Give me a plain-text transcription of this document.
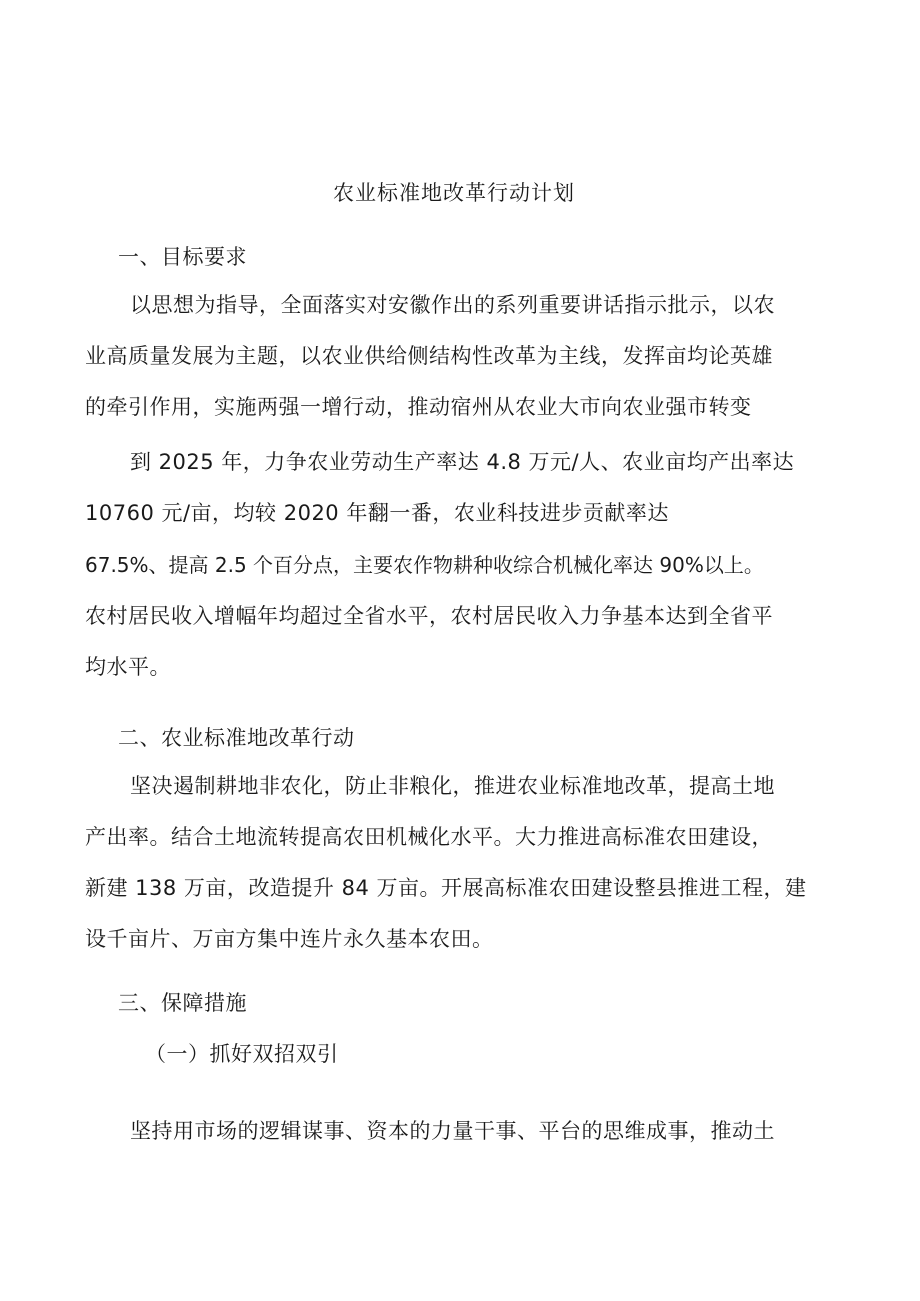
农业标准地改革行动计划
一、目标要求
以思想为指导，全面落实对安徽作出的系列重要讲话指示批示，以农
业高质量发展为主题，以农业供给侧结构性改革为主线，发挥亩均论英雄
的牵引作用，实施两强一增行动，推动宿州从农业大市向农业强市转变
到 2025 年，力争农业劳动生产率达 4.8 万元/人、农业亩均产出率达
10760 元/亩，均较 2020 年翻一番，农业科技进步贡献率达
67.5%、提高 2.5 个百分点，主要农作物耕种收综合机械化率达 90%以上。
农村居民收入增幅年均超过全省水平，农村居民收入力争基本达到全省平
均水平。
二、农业标准地改革行动
坚决遏制耕地非农化，防止非粮化，推进农业标准地改革，提高土地
产出率。结合土地流转提高农田机械化水平。大力推进高标准农田建设，
新建 138 万亩，改造提升 84 万亩。开展高标准农田建设整县推进工程，建
设千亩片、万亩方集中连片永久基本农田。
三、保障措施
（一）抓好双招双引
坚持用市场的逻辑谋事、资本的力量干事、平台的思维成事，推动土
